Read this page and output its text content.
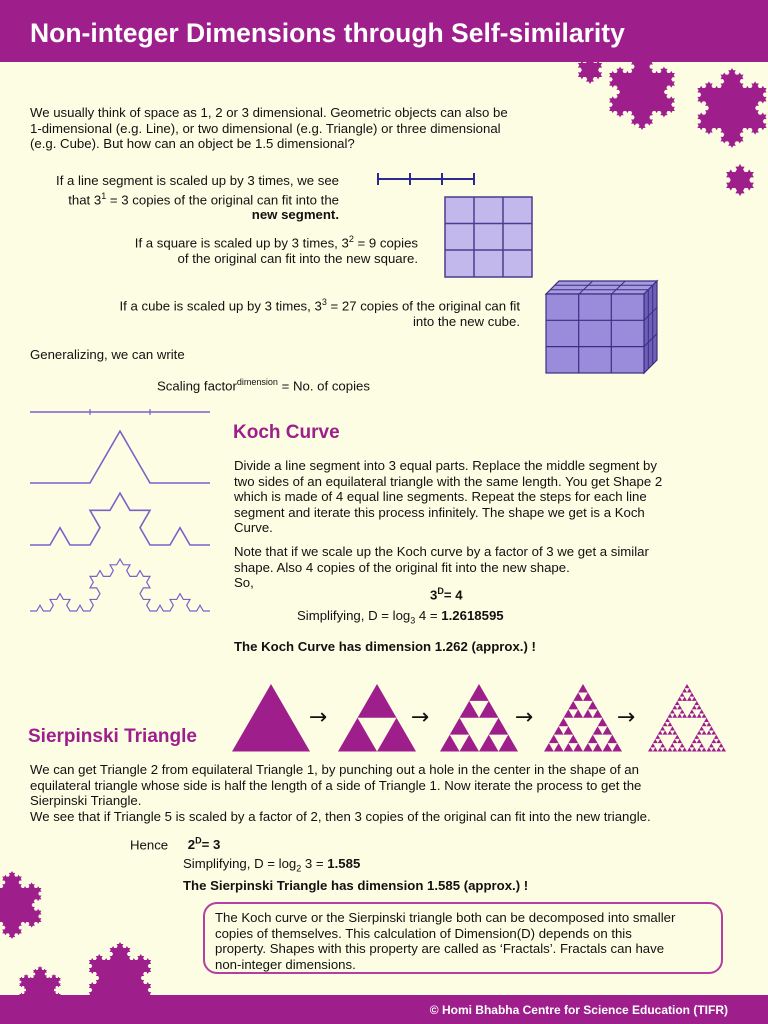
Non-integer Dimensions through Self-similarity
We usually think of space as 1, 2 or 3 dimensional. Geometric objects can also be
1-dimensional (e.g. Line), or two dimensional (e.g. Triangle) or three dimensional
(e.g. Cube). But how can an object be 1.5 dimensional?
If a line segment is scaled up by 3 times, we see
that $3^1 = 3$ copies of the original can fit into the
new segment.
If a square is scaled up by 3 times, $3^2 = 9$ copies
of the original can fit into the new square.
If a cube is scaled up by 3 times, $3^3 = 27$ copies of the original can fit
into the new cube.
Generalizing, we can write
Scaling factor$^{dimension}$ = No. of copies
Koch Curve
Divide a line segment into 3 equal parts. Replace the middle segment by
two sides of an equilateral triangle with the same length. You get Shape 2
which is made of 4 equal line segments. Repeat the steps for each line
segment and iterate this process infinitely. The shape we get is a Koch
Curve.
Note that if we scale up the Koch curve by a factor of 3 we get a similar
shape. Also 4 copies of the original fit into the new shape.
So,
$3^D= 4$
Simplifying, $D = \log_3 4 = 1.2618595$
The Koch Curve has dimension 1.262 (approx.) !
→	→	→	→
Sierpinski Triangle
We can get Triangle 2 from equilateral Triangle 1, by punching out a hole in the center in the shape of an
equilateral triangle whose side is half the length of a side of Triangle 1. Now iterate the process to get the
Sierpinski Triangle.
We see that if Triangle 5 is scaled by a factor of 2, then 3 copies of the original can fit into the new triangle.
Hence $2^D= 3$
Simplifying, $D = \log_2 3 = 1.585$
The Sierpinski Triangle has dimension 1.585 (approx.) !
The Koch curve or the Sierpinski triangle both can be decomposed into smaller
copies of themselves. This calculation of Dimension(D) depends on this
property. Shapes with this property are called as ‘Fractals’. Fractals can have
non-integer dimensions.
© Homi Bhabha Centre for Science Education (TIFR)
